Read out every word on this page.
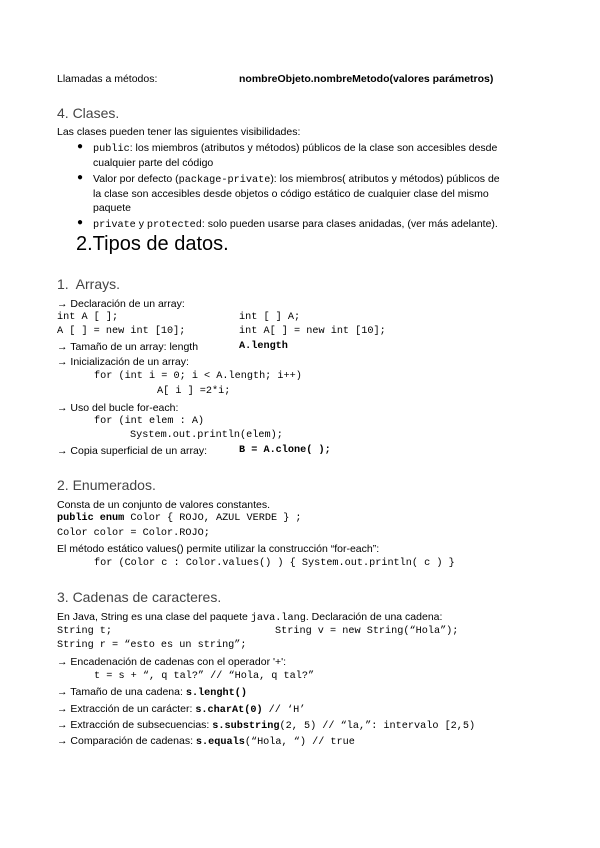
Llamadas a métodos:	nombreObjeto.nombreMetodo(valores parámetros)
4. Clases.
Las clases pueden tener las siguientes visibilidades:
● public: los miembros (atributos y métodos) públicos de la clase son accesibles desde
cualquier parte del código
● Valor por defecto (package-private): los miembros( atributos y métodos) públicos de
la clase son accesibles desde objetos o código estático de cualquier clase del mismo
paquete
● private y protected: solo pueden usarse para clases anidadas, (ver más adelante).
2.Tipos de datos.
1.  Arrays.
→ Declaración de un array:
int A [ ];	int [ ] A;
A [ ] = new int [10];	int A[ ] = new int [10];
→ Tamaño de un array: length	A.length
→ Inicialización de un array:
for (int i = 0; i < A.length; i++)
A[ i ] =2*i;
→ Uso del bucle for-each:
for (int elem : A)
System.out.println(elem);
→ Copia superficial de un array:	B = A.clone( );
2. Enumerados.
Consta de un conjunto de valores constantes.
public enum Color { ROJO, AZUL VERDE } ;
Color color = Color.ROJO;
El método estático values() permite utilizar la construcción “for-each”:
for (Color c : Color.values() ) { System.out.println( c ) }
3. Cadenas de caracteres.
En Java, String es una clase del paquete java.lang. Declaración de una cadena:
String t;	String v = new String(“Hola”);
String r = “esto es un string”;
→ Encadenación de cadenas con el operador '+':
t = s + “, q tal?” // “Hola, q tal?”
→ Tamaño de una cadena: s.lenght()
→ Extracción de un carácter: s.charAt(0) // ‘H’
→ Extracción de subsecuencias: s.substring(2, 5) // “la,”: intervalo [2,5)
→ Comparación de cadenas: s.equals(“Hola, “) // true
